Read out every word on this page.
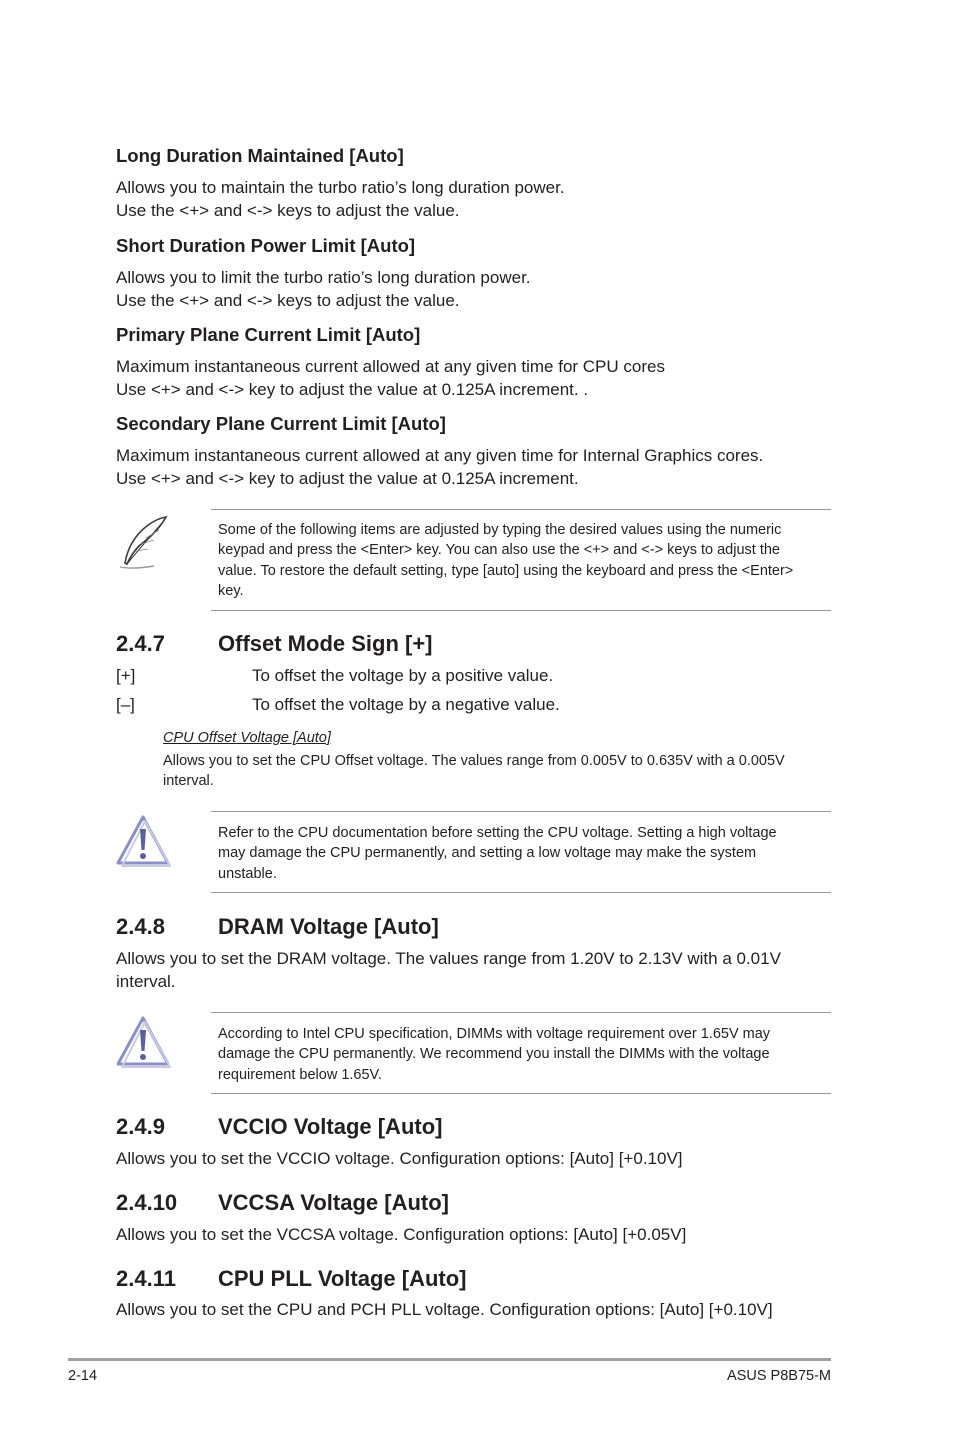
Long Duration Maintained [Auto]
Allows you to maintain the turbo ratio’s long duration power.
Use the <+> and <-> keys to adjust the value.
Short Duration Power Limit [Auto]
Allows you to limit the turbo ratio’s long duration power.
Use the <+> and <-> keys to adjust the value.
Primary Plane Current Limit [Auto]
Maximum instantaneous current allowed at any given time for CPU cores
Use <+> and <-> key to adjust the value at 0.125A increment. .
Secondary Plane Current Limit [Auto]
Maximum instantaneous current allowed at any given time for Internal Graphics cores.
Use <+> and <-> key to adjust the value at 0.125A increment.
Some of the following items are adjusted by typing the desired values using the numeric
keypad and press the <Enter> key. You can also use the <+> and <-> keys to adjust the
value. To restore the default setting, type [auto] using the keyboard and press the <Enter>
key.
2.4.7 Offset Mode Sign [+]
[+]	To offset the voltage by a positive value.
[–]	To offset the voltage by a negative value.
CPU Offset Voltage [Auto]
Allows you to set the CPU Offset voltage. The values range from 0.005V to 0.635V with a 0.005V
interval.
Refer to the CPU documentation before setting the CPU voltage. Setting a high voltage
may damage the CPU permanently, and setting a low voltage may make the system
unstable.
2.4.8 DRAM Voltage [Auto]
Allows you to set the DRAM voltage. The values range from 1.20V to 2.13V with a 0.01V
interval.
According to Intel CPU specification, DIMMs with voltage requirement over 1.65V may
damage the CPU permanently. We recommend you install the DIMMs with the voltage
requirement below 1.65V.
2.4.9 VCCIO Voltage [Auto]
Allows you to set the VCCIO voltage. Configuration options: [Auto] [+0.10V]
2.4.10 VCCSA Voltage [Auto]
Allows you to set the VCCSA voltage. Configuration options: [Auto] [+0.05V]
2.4.11 CPU PLL Voltage [Auto]
Allows you to set the CPU and PCH PLL voltage. Configuration options: [Auto] [+0.10V]
2-14	ASUS P8B75-M
